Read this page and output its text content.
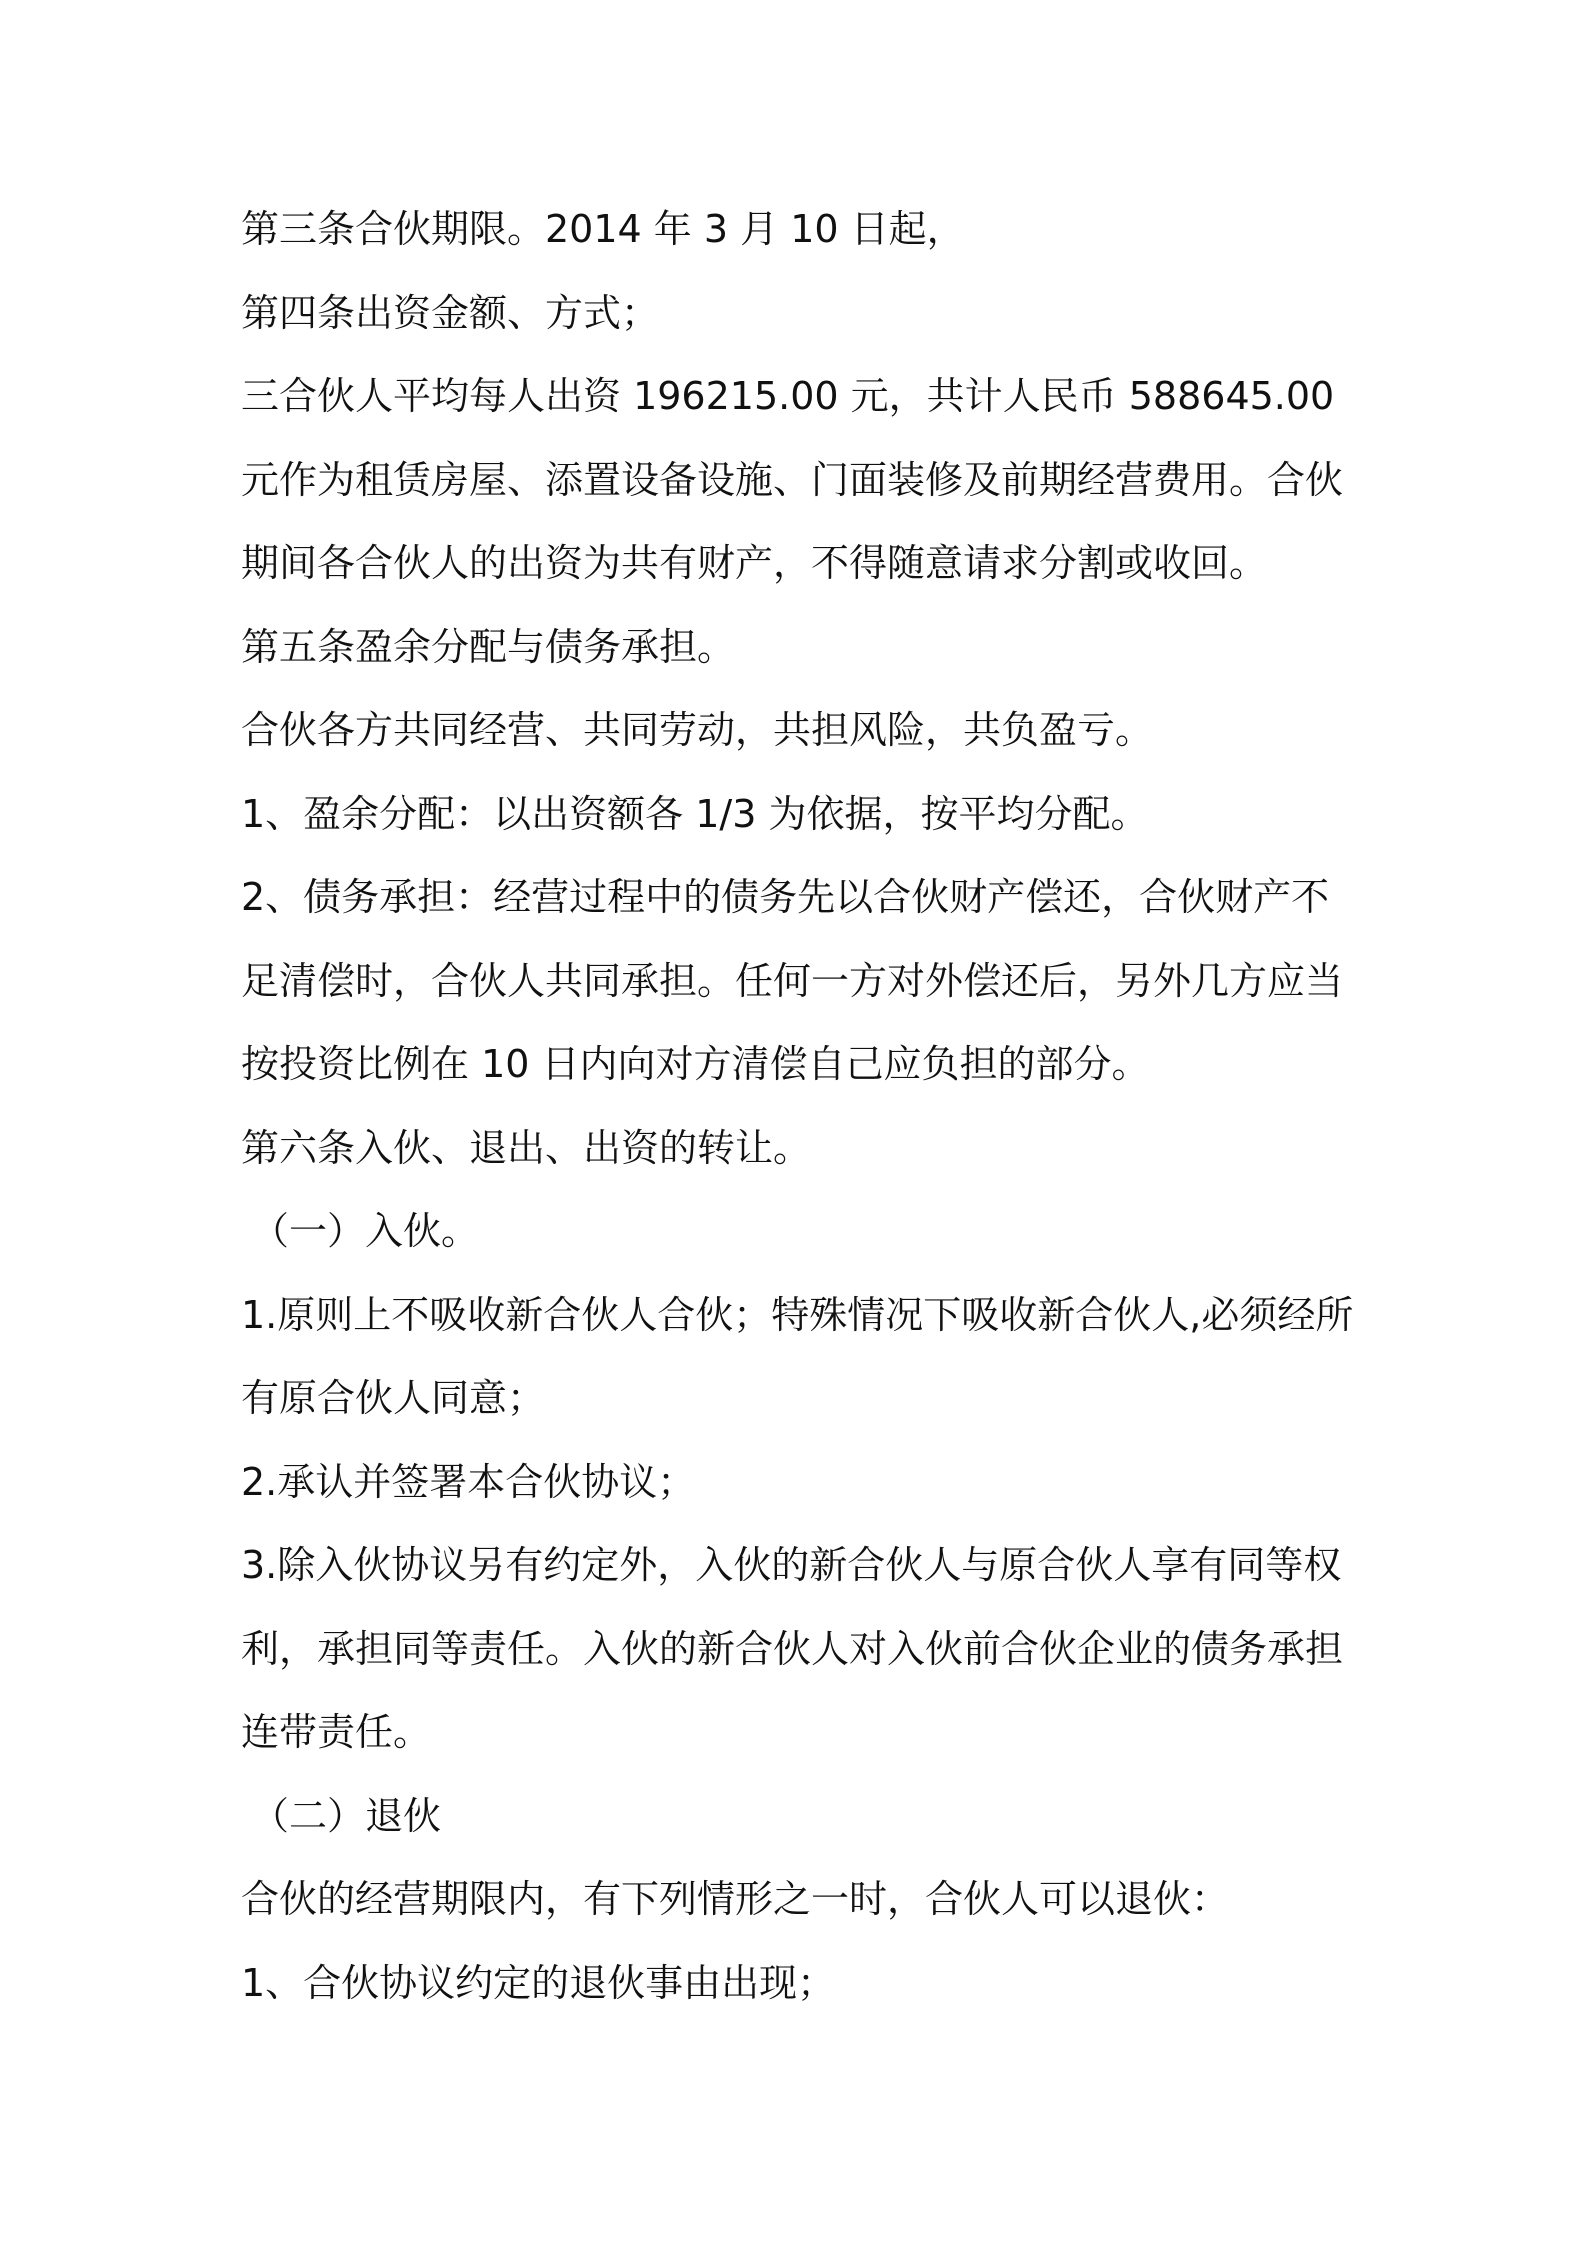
第三条合伙期限。2014 年 3 月 10 日起，

第四条出资金额、方式；

三合伙人平均每人出资 196215.00 元，共计人民币 588645.00 元作为租赁房屋、添置设备设施、门面装修及前期经营费用。合伙期间各合伙人的出资为共有财产，不得随意请求分割或收回。

第五条盈余分配与债务承担。

合伙各方共同经营、共同劳动，共担风险，共负盈亏。

1、盈余分配：以出资额各 1/3 为依据，按平均分配。

2、债务承担：经营过程中的债务先以合伙财产偿还，合伙财产不足清偿时，合伙人共同承担。任何一方对外偿还后，另外几方应当按投资比例在 10 日内向对方清偿自己应负担的部分。

第六条入伙、退出、出资的转让。

（一）入伙。

1.原则上不吸收新合伙人合伙；特殊情况下吸收新合伙人,必须经所有原合伙人同意；

2.承认并签署本合伙协议；

3.除入伙协议另有约定外，入伙的新合伙人与原合伙人享有同等权利，承担同等责任。入伙的新合伙人对入伙前合伙企业的债务承担连带责任。

（二）退伙

合伙的经营期限内，有下列情形之一时，合伙人可以退伙：

1、合伙协议约定的退伙事由出现；
